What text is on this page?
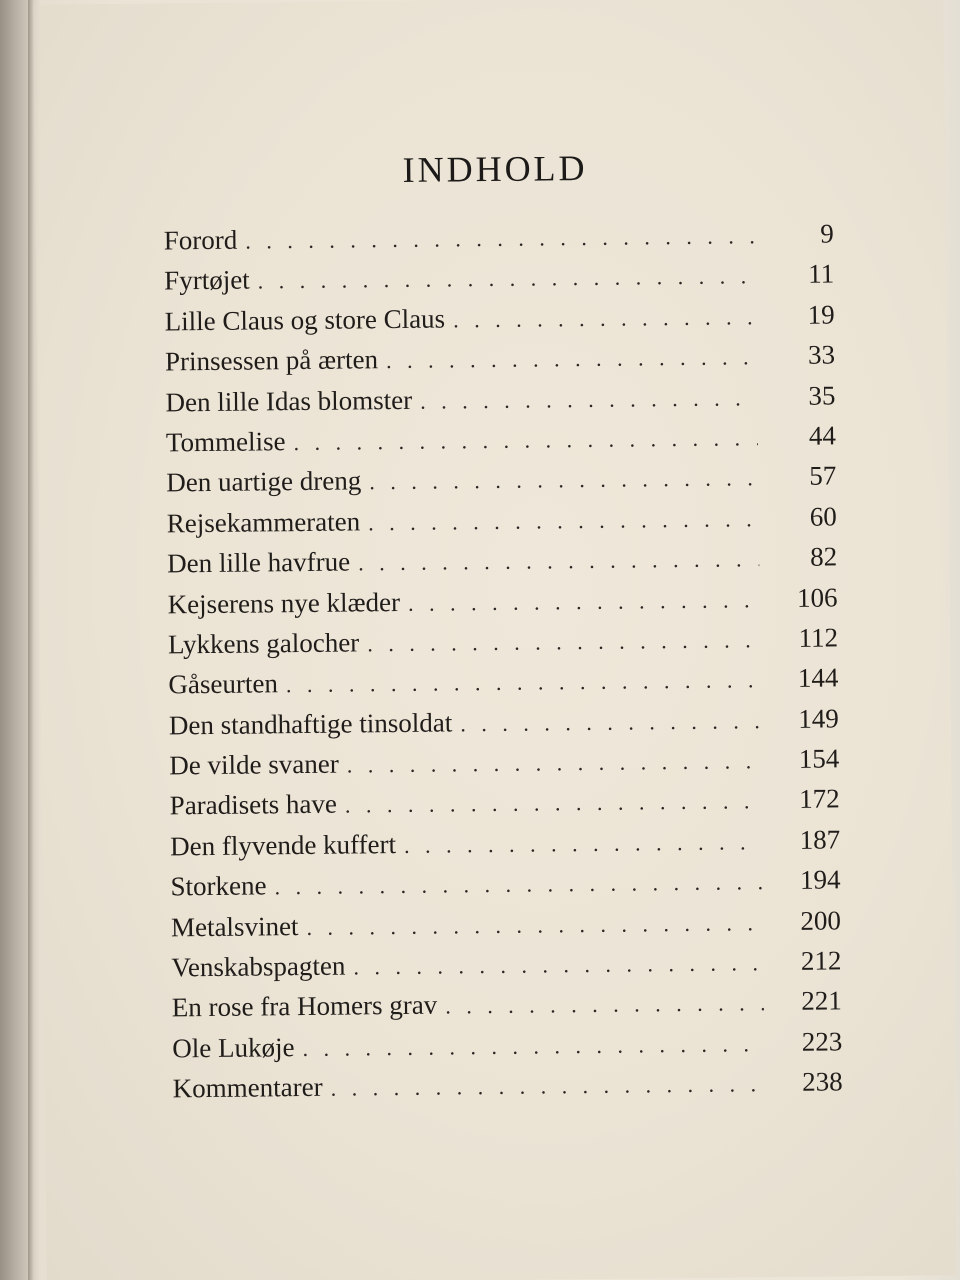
INDHOLD
Forord . . .	9
Fyrtøjet . . .	11
Lille Claus og store Claus . . .	19
Prinsessen på ærten . . .	33
Den lille Idas blomster . . .	35
Tommelise . . .	44
Den uartige dreng . . .	57
Rejsekammeraten . . .	60
Den lille havfrue . . .	82
Kejserens nye klæder . . .	106
Lykkens galocher . . .	112
Gåseurten . . .	144
Den standhaftige tinsoldat . . .	149
De vilde svaner . . .	154
Paradisets have . . .	172
Den flyvende kuffert . . .	187
Storkene . . .	194
Metalsvinet . . .	200
Venskabspagten . . .	212
En rose fra Homers grav . . .	221
Ole Lukøje . . .	223
Kommentarer . . .	238
